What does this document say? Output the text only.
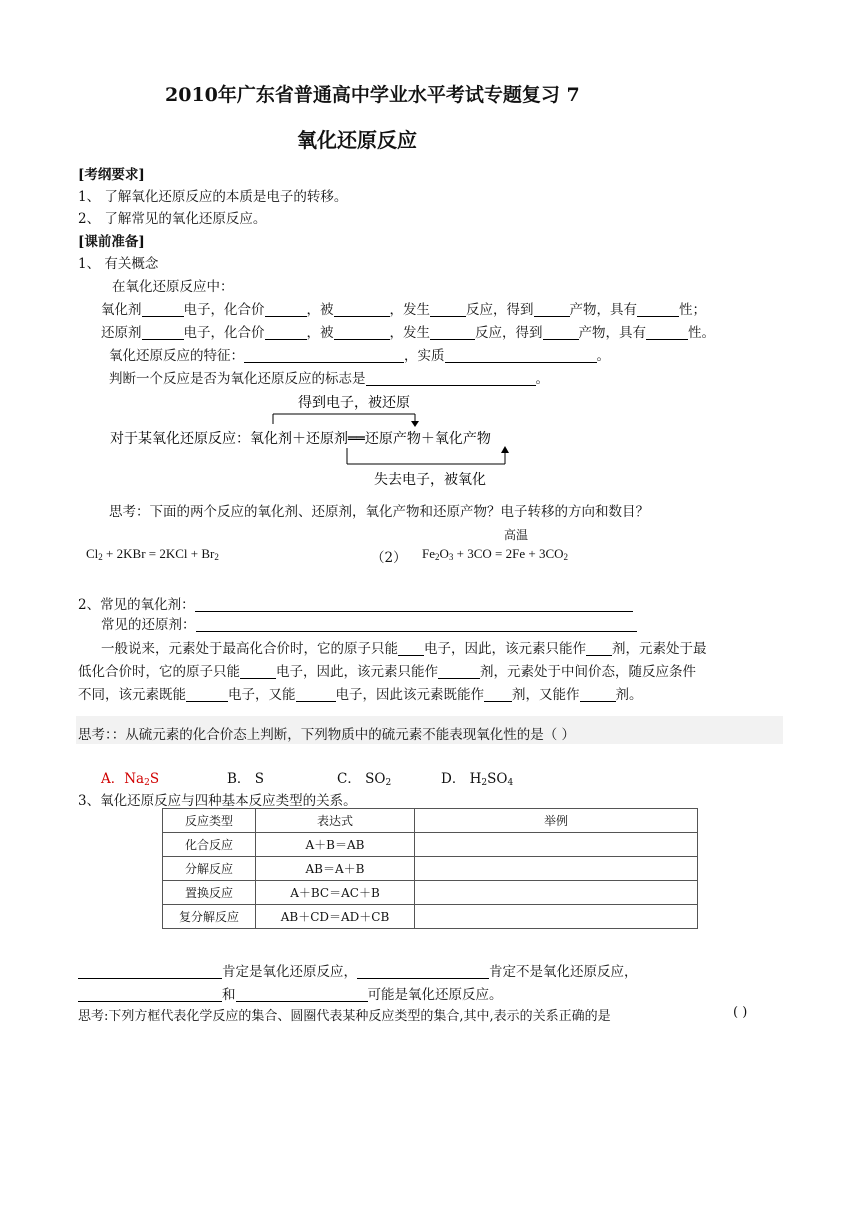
2010年广东省普通高中学业水平考试专题复习 7
氧化还原反应
[考纲要求]
1、 了解氧化还原反应的本质是电子的转移。
2、 了解常见的氧化还原反应。
[课前准备]
1、 有关概念
在氧化还原反应中：
氧化剂	电子，化合价	，被	，发生	反应，得到	产物，具有	性；
还原剂	电子，化合价	，被	，发生	反应，得到	产物，具有	性。
氧化还原反应的特征：	，实质	。
判断一个反应是否为氧化还原反应的标志是	。
得到电子，被还原
对于某氧化还原反应：氧化剂＋还原剂══还原产物＋氧化产物
失去电子，被氧化
思考：下面的两个反应的氧化剂、还原剂，氧化产物和还原产物？电子转移的方向和数目？
高温
$Cl_2 + 2KBr = 2KCl + Br_2$	（2） $Fe_2O_3 + 3CO = 2Fe + 3CO_2$
2、常见的氧化剂：
常见的还原剂：
一般说来，元素处于最高化合价时，它的原子只能 电子，因此，该元素只能作 剂，元素处于最
低化合价时，它的原子只能	电子，因此，该元素只能作	剂，元素处于中间价态，随反应条件
不同，该元素既能	电子，又能	电子，因此该元素既能作 剂，又能作	剂。
思考：：从硫元素的化合价态上判断，下列物质中的硫元素不能表现氧化性的是（ ）
A．$Na_2S$	B． S	C． $SO_2$	D． $H_2SO_4$
3、氧化还原反应与四种基本反应类型的关系。
反应类型	表达式	举例
化合反应	A＋B＝AB	
分解反应	AB＝A＋B	
置换反应	A＋BC＝AC＋B	
复分解反应	AB＋CD＝AD＋CB	
肯定是氧化还原反应，	肯定不是氧化还原反应，
和	可能是氧化还原反应。
思考:下列方框代表化学反应的集合、圆圈代表某种反应类型的集合,其中,表示的关系正确的是	( )
